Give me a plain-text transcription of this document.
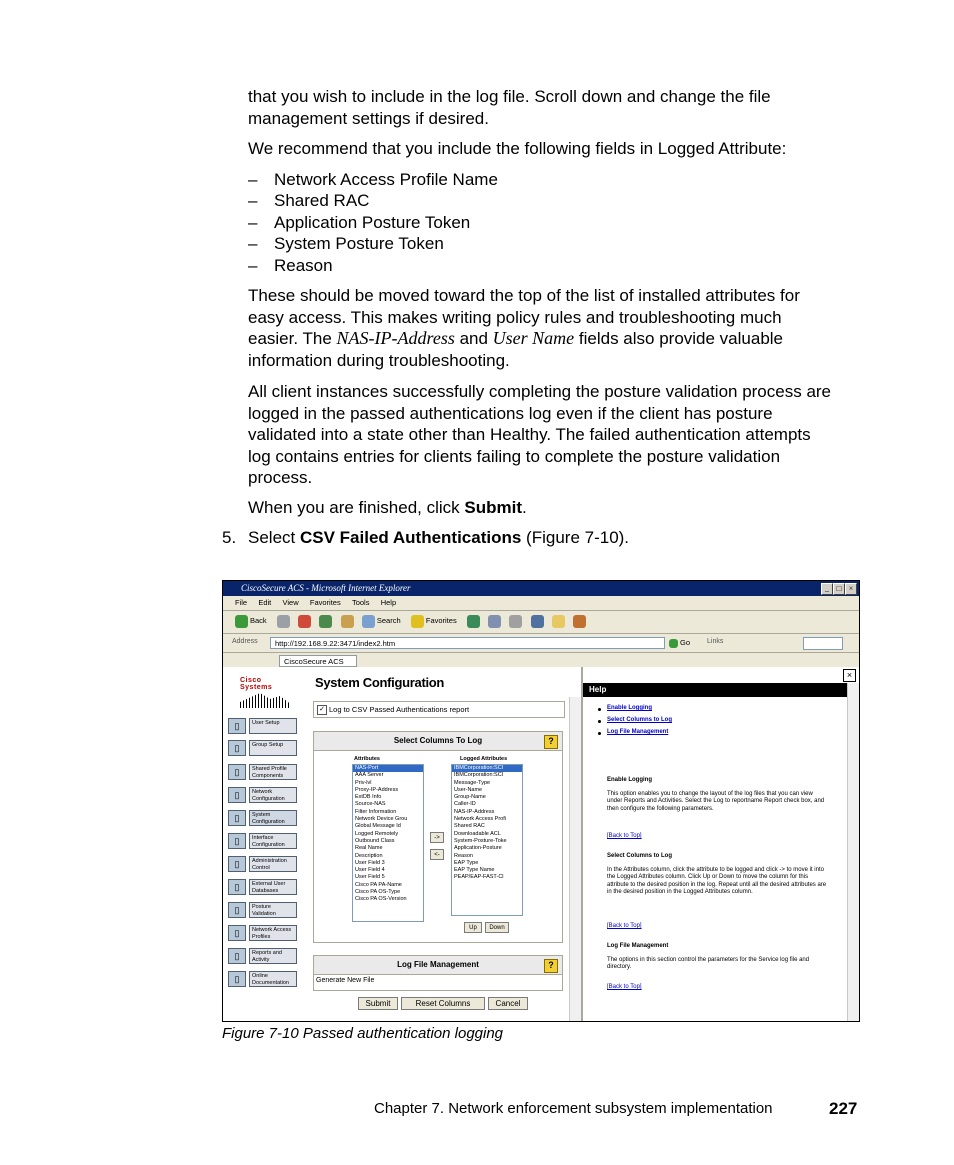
that you wish to include in the log file. Scroll down and change the file
management settings if desired.
We recommend that you include the following fields in Logged Attribute:
– Network Access Profile Name
– Shared RAC
– Application Posture Token
– System Posture Token
– Reason
These should be moved toward the top of the list of installed attributes for
easy access. This makes writing policy rules and troubleshooting much
easier. The NAS-IP-Address and User Name fields also provide valuable
information during troubleshooting.
All client instances successfully completing the posture validation process are
logged in the passed authentications log even if the client has posture
validated into a state other than Healthy. The failed authentication attempts
log contains entries for clients failing to complete the posture validation
process.
When you are finished, click Submit.
5. Select CSV Failed Authentications (Figure 7-10).
CiscoSecure ACS - Microsoft Internet Explorer	_ □ ×
File Edit View Favorites Tools Help
Back	Search	Favorites
Address	http://192.168.9.22:3471/index2.htm	Go Links
CiscoSecure ACS
Cisco Systems
▯	User Setup
▯	Group Setup
▯	Shared Profile Components
▯	Network Configuration
▯	System Configuration
▯	Interface Configuration
▯	Administration Control
▯	External User Databases
▯	Posture Validation
▯	Network Access Profiles
▯	Reports and Activity
▯	Online Documentation
System Configuration
✓ Log to CSV Passed Authentications report
Select Columns To Log	?
Attributes	Logged Attributes
NAS-Port
AAA Server
Priv-lvl
Proxy-IP-Address
ExtDB Info
Source-NAS
Filter Information
Network Device Grou
Global Message Id
Logged Remotely
Outbound Class
Real Name
Description
User Field 3
User Field 4
User Field 5
Cisco PA PA-Name
Cisco PA OS-Type
Cisco PA OS-Version
IBMCorporation:SCI
IBMCorporation:SCI
Message-Type
User-Name
Group-Name
Caller-ID
NAS-IP-Address
Network Access Profi
Shared RAC
Downloadable ACL
System-Posture-Toke
Application-Posture
Reason
EAP Type
EAP Type Name
PEAP/EAP-FAST-Cl
->
<-
Up	Down
Log File Management	?
Generate New File
Submit	Reset Columns	Cancel
×
Help
Enable Logging
Select Columns to Log
Log File Management
Enable Logging
This option enables you to change the layout of the log files that you can view under Reports and Activities. Select the Log to reportname Report check box, and then configure the following parameters.
[Back to Top]
Select Columns to Log
In the Attributes column, click the attribute to be logged and click -> to move it into the Logged Attributes column. Click Up or Down to move the column for this attribute to the desired position in the log. Repeat until all the desired attributes are in the desired position in the Logged Attributes column.
[Back to Top]
Log File Management
The options in this section control the parameters for the Service log file and directory.
[Back to Top]
Figure 7-10 Passed authentication logging
Chapter 7. Network enforcement subsystem implementation	227
